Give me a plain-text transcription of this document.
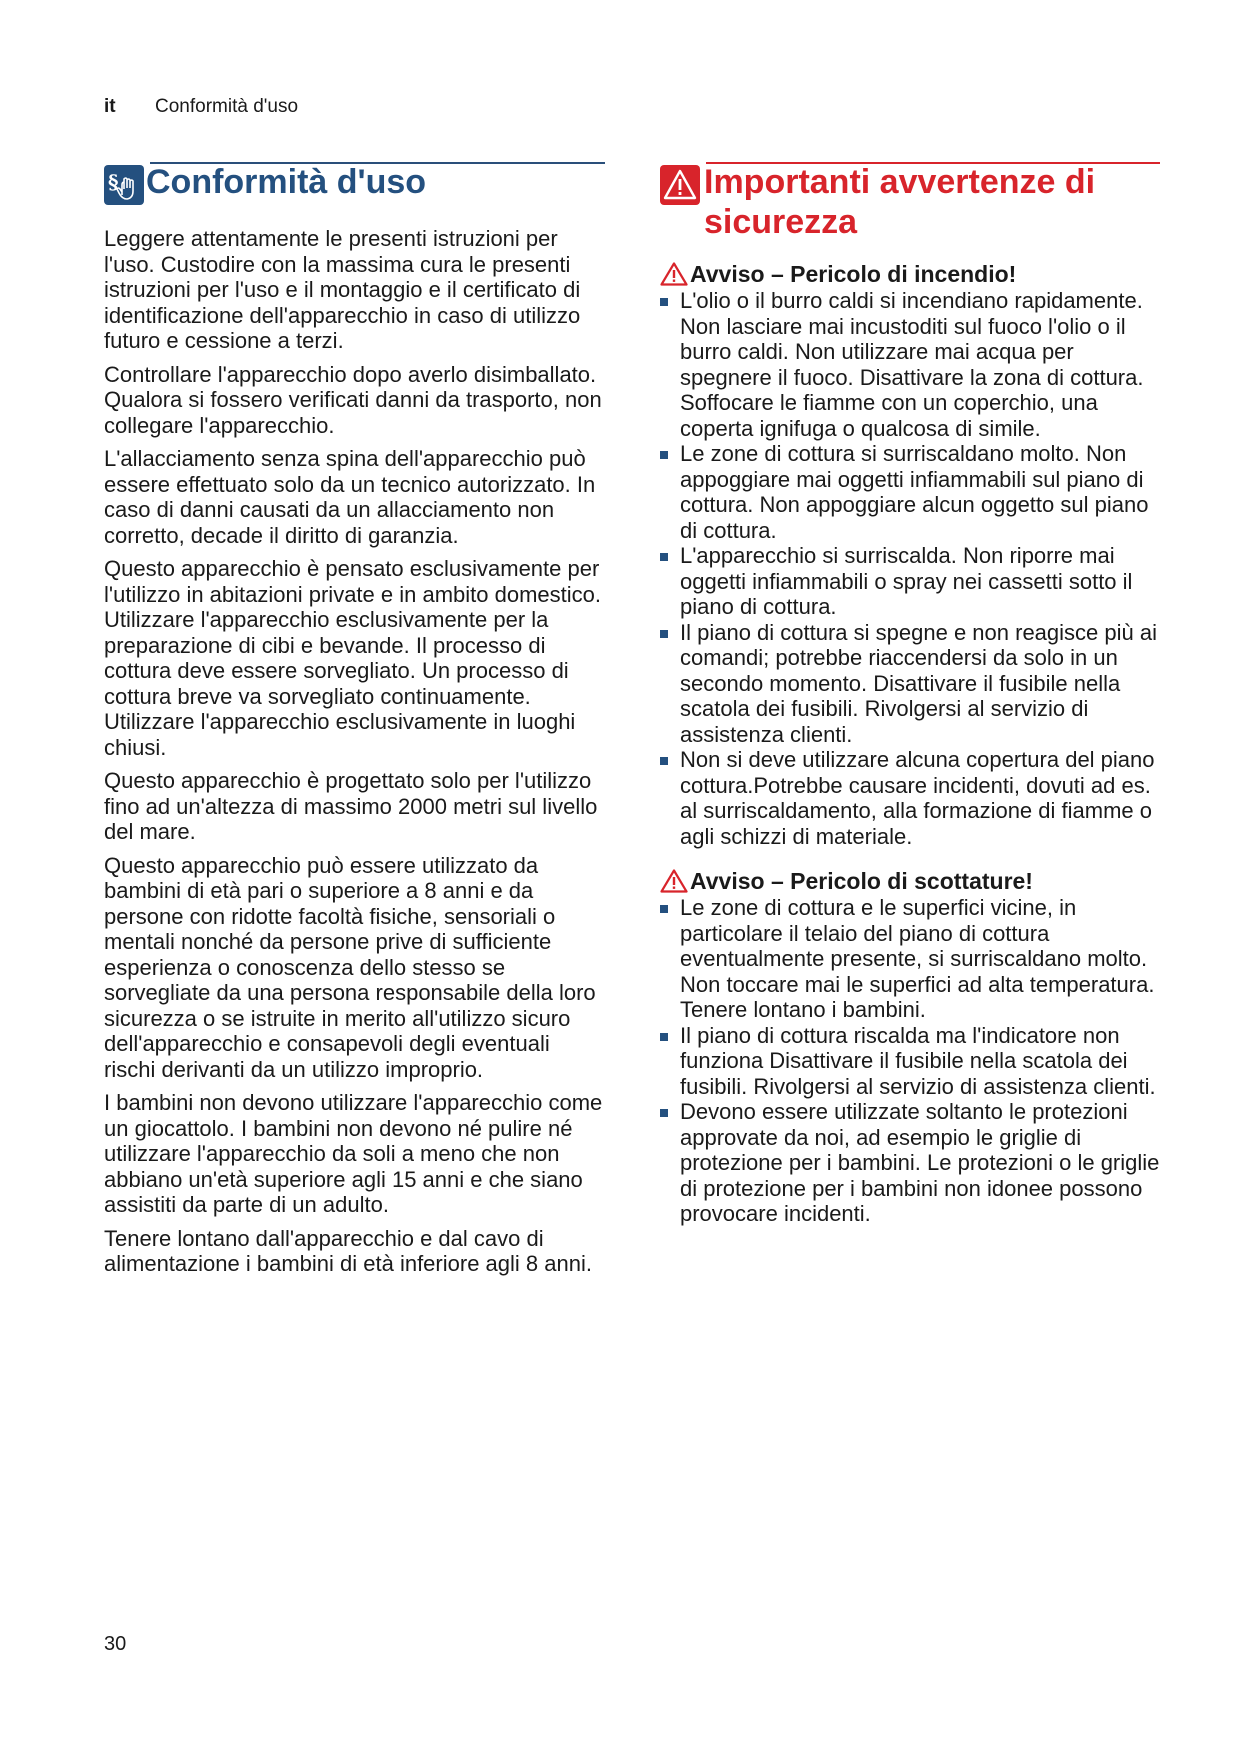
it Conformità d'uso
§ Conformità d'uso

Leggere attentamente le presenti istruzioni per l'uso. Custodire con la massima cura le presenti istruzioni per l'uso e il montaggio e il certificato di identificazione dell'apparecchio in caso di utilizzo futuro e cessione a terzi.

Controllare l'apparecchio dopo averlo disimballato. Qualora si fossero verificati danni da trasporto, non collegare l'apparecchio.

L'allacciamento senza spina dell'apparecchio può essere effettuato solo da un tecnico autorizzato. In caso di danni causati da un allacciamento non corretto, decade il diritto di garanzia.

Questo apparecchio è pensato esclusivamente per l'utilizzo in abitazioni private e in ambito domestico. Utilizzare l'apparecchio esclusivamente per la preparazione di cibi e bevande. Il processo di cottura deve essere sorvegliato. Un processo di cottura breve va sorvegliato continuamente. Utilizzare l'apparecchio esclusivamente in luoghi chiusi.

Questo apparecchio è progettato solo per l'utilizzo fino ad un'altezza di massimo 2000 metri sul livello del mare.

Questo apparecchio può essere utilizzato da bambini di età pari o superiore a 8 anni e da persone con ridotte facoltà fisiche, sensoriali o mentali nonché da persone prive di sufficiente esperienza o conoscenza dello stesso se sorvegliate da una persona responsabile della loro sicurezza o se istruite in merito all'utilizzo sicuro dell'apparecchio e consapevoli degli eventuali rischi derivanti da un utilizzo improprio.

I bambini non devono utilizzare l'apparecchio come un giocattolo. I bambini non devono né pulire né utilizzare l'apparecchio da soli a meno che non abbiano un'età superiore agli 15 anni e che siano assistiti da parte di un adulto.

Tenere lontano dall'apparecchio e dal cavo di alimentazione i bambini di età inferiore agli 8 anni.

Importanti avvertenze di sicurezza
Avviso – Pericolo di incendio!
L'olio o il burro caldi si incendiano rapidamente. Non lasciare mai incustoditi sul fuoco l'olio o il burro caldi. Non utilizzare mai acqua per spegnere il fuoco. Disattivare la zona di cottura. Soffocare le fiamme con un coperchio, una coperta ignifuga o qualcosa di simile.
Le zone di cottura si surriscaldano molto. Non appoggiare mai oggetti infiammabili sul piano di cottura. Non appoggiare alcun oggetto sul piano di cottura.
L'apparecchio si surriscalda. Non riporre mai oggetti infiammabili o spray nei cassetti sotto il piano di cottura.
Il piano di cottura si spegne e non reagisce più ai comandi; potrebbe riaccendersi da solo in un secondo momento. Disattivare il fusibile nella scatola dei fusibili. Rivolgersi al servizio di assistenza clienti.
Non si deve utilizzare alcuna copertura del piano cottura.Potrebbe causare incidenti, dovuti ad es. al surriscaldamento, alla formazione di fiamme o agli schizzi di materiale.
Avviso – Pericolo di scottature!
Le zone di cottura e le superfici vicine, in particolare il telaio del piano di cottura eventualmente presente, si surriscaldano molto. Non toccare mai le superfici ad alta temperatura. Tenere lontano i bambini.
Il piano di cottura riscalda ma l'indicatore non funziona Disattivare il fusibile nella scatola dei fusibili. Rivolgersi al servizio di assistenza clienti.
Devono essere utilizzate soltanto le protezioni approvate da noi, ad esempio le griglie di protezione per i bambini. Le protezioni o le griglie di protezione per i bambini non idonee possono provocare incidenti.
30
